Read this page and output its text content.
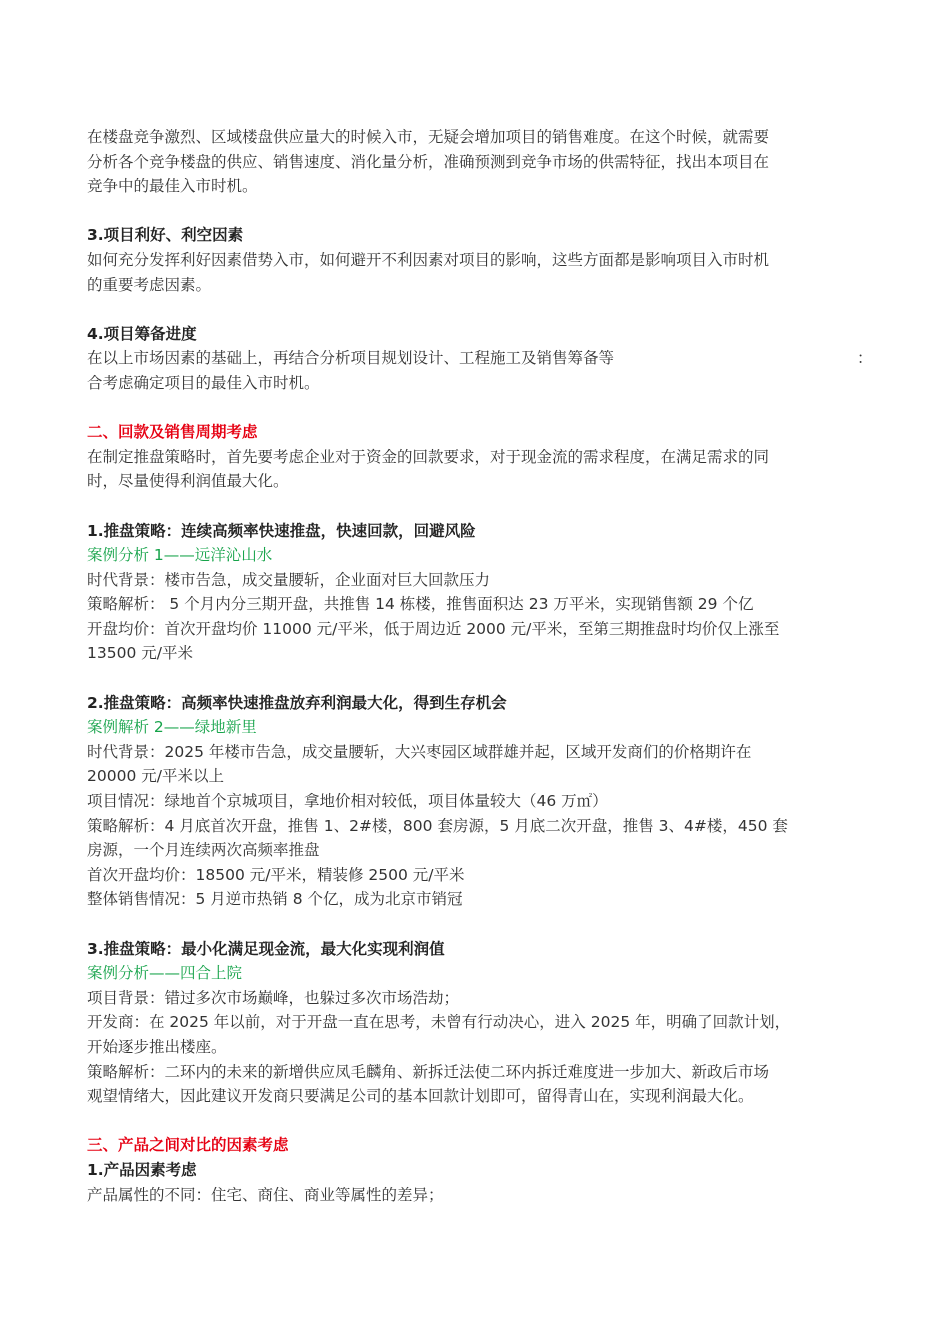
在楼盘竞争激烈、区域楼盘供应量大的时候入市，无疑会增加项目的销售难度。在这个时候，就需要

分析各个竞争楼盘的供应、销售速度、消化量分析，准确预测到竞争市场的供需特征，找出本项目在

竞争中的最佳入市时机。

3.项目利好、利空因素

如何充分发挥利好因素借势入市，如何避开不利因素对项目的影响，这些方面都是影响项目入市时机

的重要考虑因素。

4.项目筹备进度

在以上市场因素的基础上，再结合分析项目规划设计、工程施工及销售筹备等	：

合考虑确定项目的最佳入市时机。

二、回款及销售周期考虑

在制定推盘策略时，首先要考虑企业对于资金的回款要求，对于现金流的需求程度，在满足需求的同

时，尽量使得利润值最大化。

1.推盘策略：连续高频率快速推盘，快速回款，回避风险

案例分析 1——远洋沁山水

时代背景：楼市告急，成交量腰斩，企业面对巨大回款压力

策略解析： 5 个月内分三期开盘，共推售 14 栋楼，推售面积达 23 万平米，实现销售额 29 个亿

开盘均价：首次开盘均价 11000 元/平米，低于周边近 2000 元/平米，至第三期推盘时均价仅上涨至

13500 元/平米

2.推盘策略：高频率快速推盘放弃利润最大化，得到生存机会

案例解析 2——绿地新里

时代背景：2025 年楼市告急，成交量腰斩，大兴枣园区域群雄并起，区域开发商们的价格期许在

20000 元/平米以上

项目情况：绿地首个京城项目，拿地价相对较低，项目体量较大（46 万㎡）

策略解析：4 月底首次开盘，推售 1、2#楼，800 套房源，5 月底二次开盘，推售 3、4#楼，450 套

房源，一个月连续两次高频率推盘

首次开盘均价：18500 元/平米，精装修 2500 元/平米

整体销售情况：5 月逆市热销 8 个亿，成为北京市销冠

3.推盘策略：最小化满足现金流，最大化实现利润值

案例分析——四合上院

项目背景：错过多次市场巅峰，也躲过多次市场浩劫；

开发商：在 2025 年以前，对于开盘一直在思考，未曾有行动决心，进入 2025 年，明确了回款计划，

开始逐步推出楼座。

策略解析：二环内的未来的新增供应凤毛麟角、新拆迁法使二环内拆迁难度进一步加大、新政后市场

观望情绪大，因此建议开发商只要满足公司的基本回款计划即可，留得青山在，实现利润最大化。

三、产品之间对比的因素考虑

1.产品因素考虑

产品属性的不同：住宅、商住、商业等属性的差异；
